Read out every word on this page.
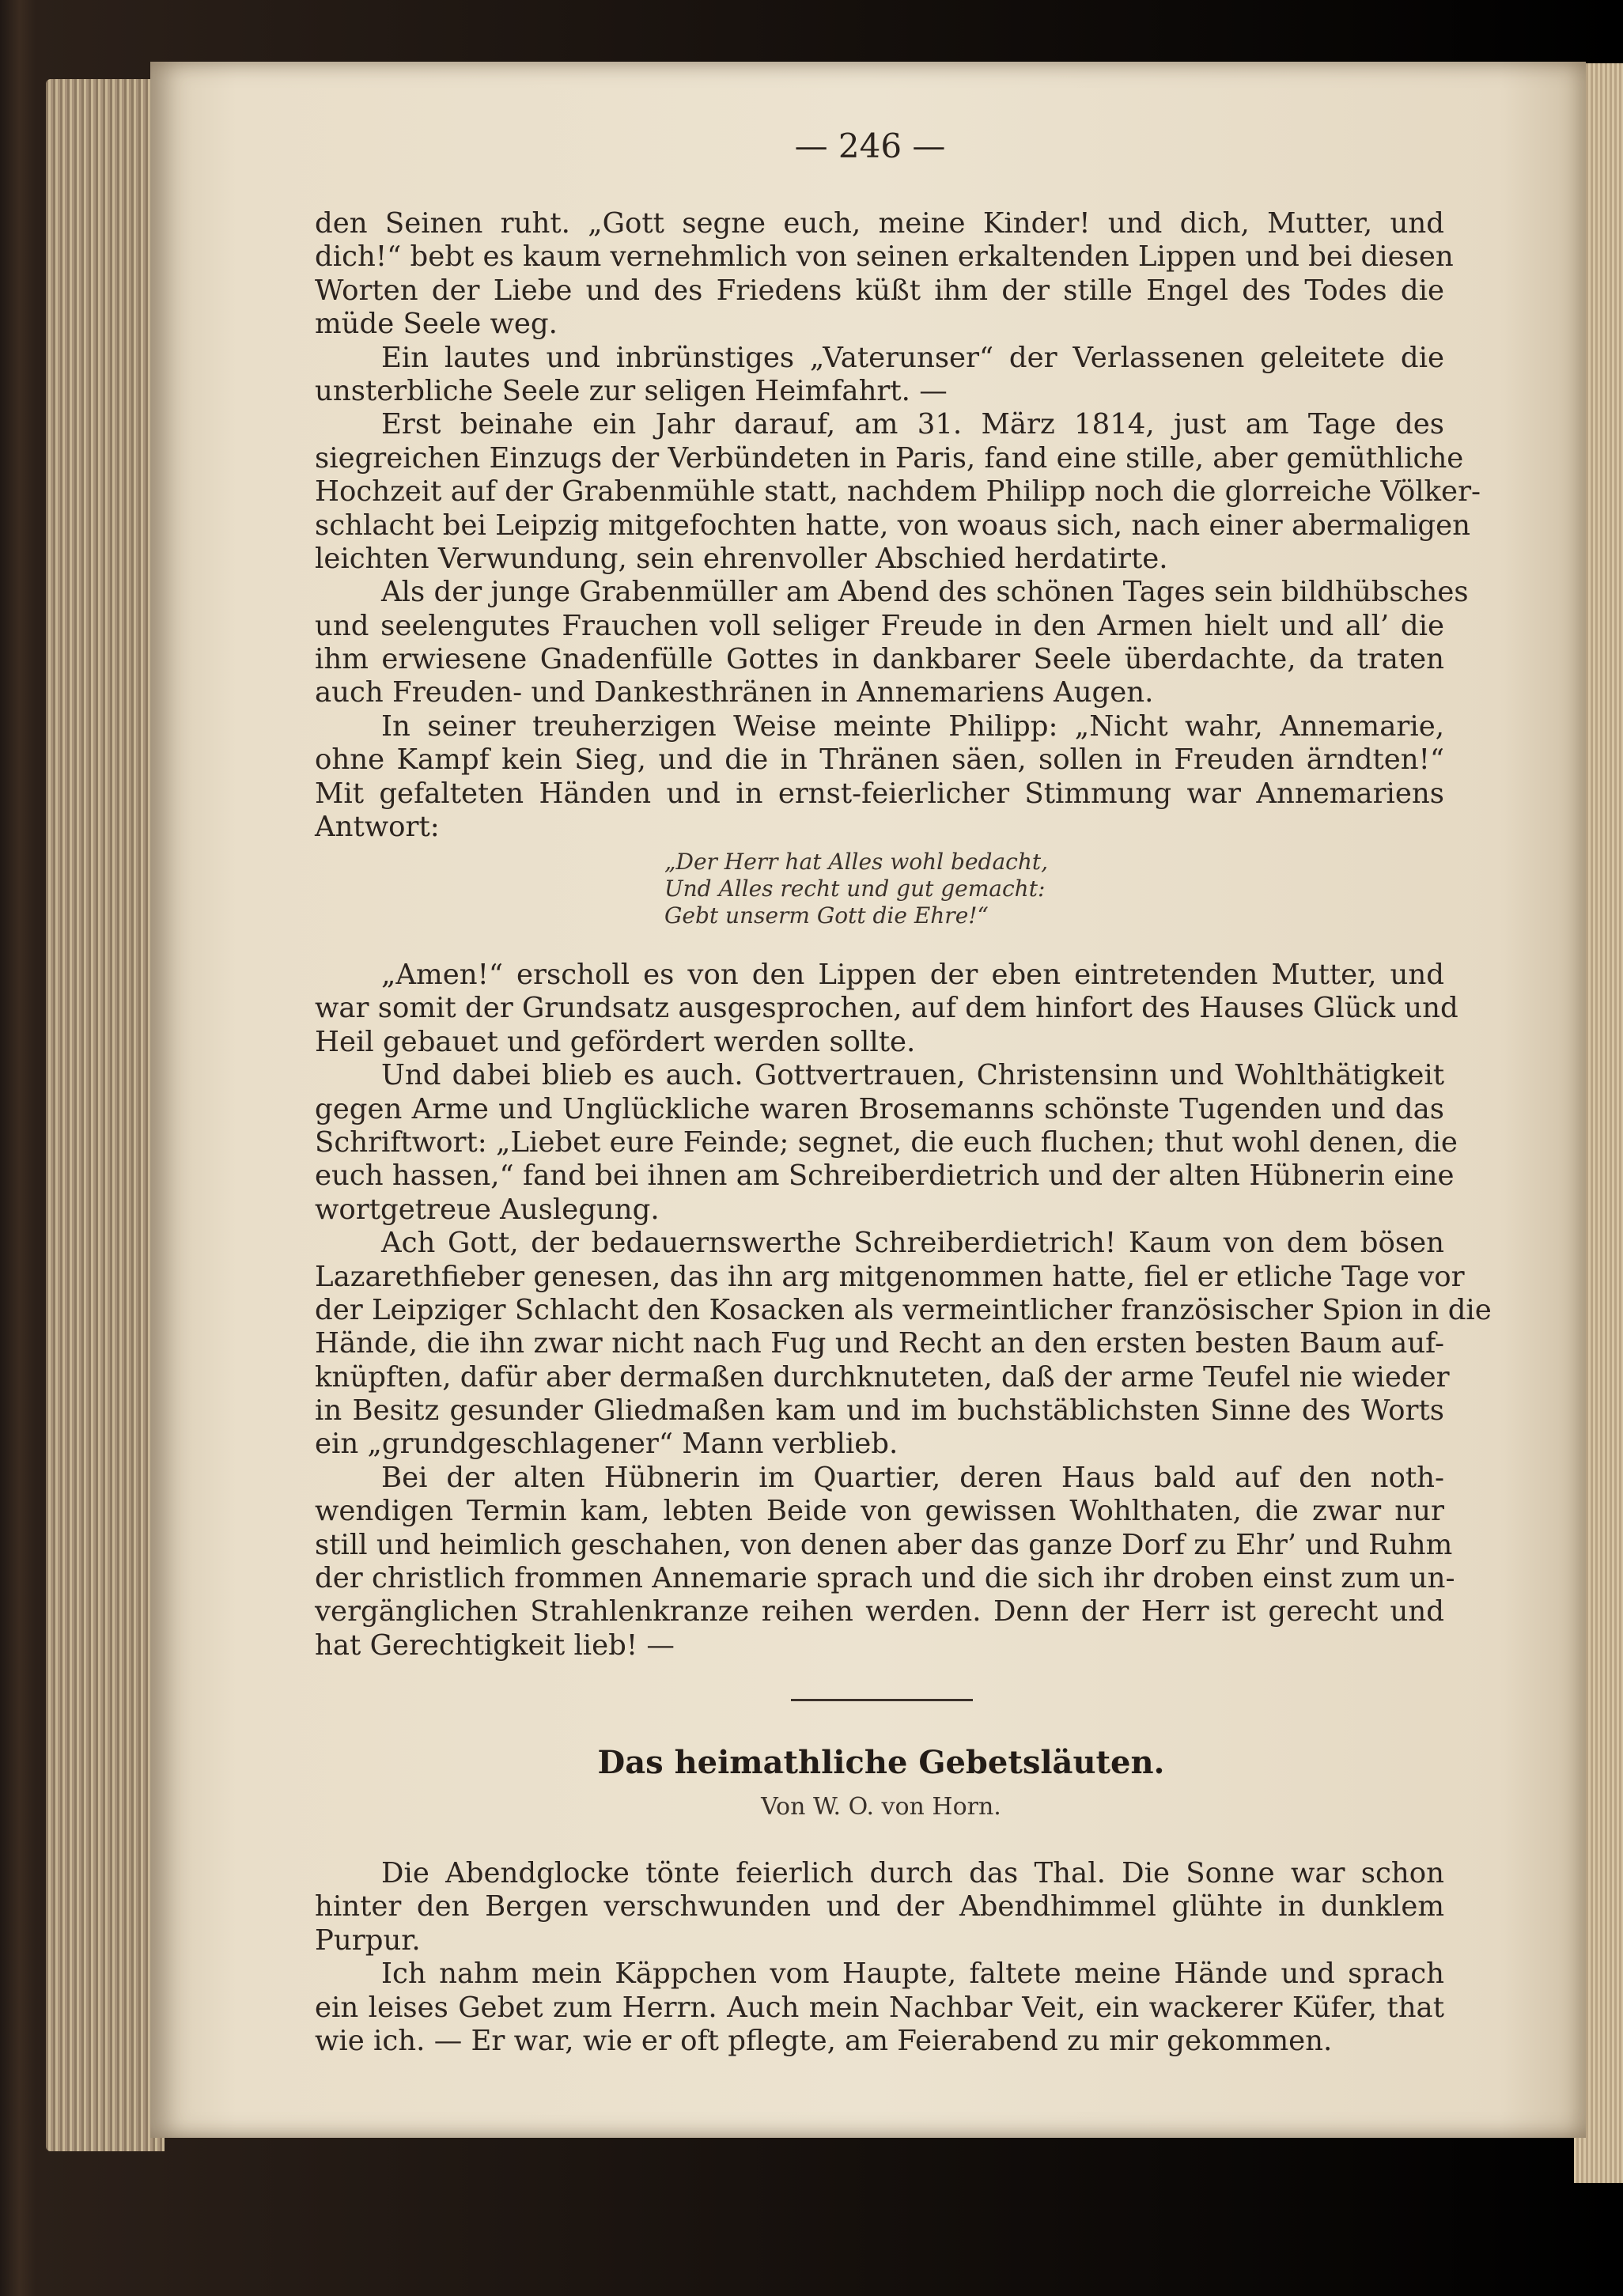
— 246 —
den Seinen ruht. „Gott segne euch, meine Kinder! und dich, Mutter, und
dich!“ bebt es kaum vernehmlich von seinen erkaltenden Lippen und bei diesen
Worten der Liebe und des Friedens küßt ihm der stille Engel des Todes die
müde Seele weg.
Ein lautes und inbrünstiges „Vaterunser“ der Verlassenen geleitete die
unsterbliche Seele zur seligen Heimfahrt. —
Erst beinahe ein Jahr darauf, am 31. März 1814, just am Tage des
siegreichen Einzugs der Verbündeten in Paris, fand eine stille, aber gemüthliche
Hochzeit auf der Grabenmühle statt, nachdem Philipp noch die glorreiche Völker-
schlacht bei Leipzig mitgefochten hatte, von woaus sich, nach einer abermaligen
leichten Verwundung, sein ehrenvoller Abschied herdatirte.
Als der junge Grabenmüller am Abend des schönen Tages sein bildhübsches
und seelengutes Frauchen voll seliger Freude in den Armen hielt und all’ die
ihm erwiesene Gnadenfülle Gottes in dankbarer Seele überdachte, da traten
auch Freuden- und Dankesthränen in Annemariens Augen.
In seiner treuherzigen Weise meinte Philipp: „Nicht wahr, Annemarie,
ohne Kampf kein Sieg, und die in Thränen säen, sollen in Freuden ärndten!“
Mit gefalteten Händen und in ernst-feierlicher Stimmung war Annemariens
Antwort:
„Der Herr hat Alles wohl bedacht,
Und Alles recht und gut gemacht:
Gebt unserm Gott die Ehre!“
„Amen!“ erscholl es von den Lippen der eben eintretenden Mutter, und
war somit der Grundsatz ausgesprochen, auf dem hinfort des Hauses Glück und
Heil gebauet und gefördert werden sollte.
Und dabei blieb es auch. Gottvertrauen, Christensinn und Wohlthätigkeit
gegen Arme und Unglückliche waren Brosemanns schönste Tugenden und das
Schriftwort: „Liebet eure Feinde; segnet, die euch fluchen; thut wohl denen, die
euch hassen,“ fand bei ihnen am Schreiberdietrich und der alten Hübnerin eine
wortgetreue Auslegung.
Ach Gott, der bedauernswerthe Schreiberdietrich! Kaum von dem bösen
Lazarethfieber genesen, das ihn arg mitgenommen hatte, fiel er etliche Tage vor
der Leipziger Schlacht den Kosacken als vermeintlicher französischer Spion in die
Hände, die ihn zwar nicht nach Fug und Recht an den ersten besten Baum auf-
knüpften, dafür aber dermaßen durchknuteten, daß der arme Teufel nie wieder
in Besitz gesunder Gliedmaßen kam und im buchstäblichsten Sinne des Worts
ein „grundgeschlagener“ Mann verblieb.
Bei der alten Hübnerin im Quartier, deren Haus bald auf den noth-
wendigen Termin kam, lebten Beide von gewissen Wohlthaten, die zwar nur
still und heimlich geschahen, von denen aber das ganze Dorf zu Ehr’ und Ruhm
der christlich frommen Annemarie sprach und die sich ihr droben einst zum un-
vergänglichen Strahlenkranze reihen werden. Denn der Herr ist gerecht und
hat Gerechtigkeit lieb! —
Das heimathliche Gebetsläuten.
Von W. O. von Horn.
Die Abendglocke tönte feierlich durch das Thal. Die Sonne war schon
hinter den Bergen verschwunden und der Abendhimmel glühte in dunklem
Purpur.
Ich nahm mein Käppchen vom Haupte, faltete meine Hände und sprach
ein leises Gebet zum Herrn. Auch mein Nachbar Veit, ein wackerer Küfer, that
wie ich. — Er war, wie er oft pflegte, am Feierabend zu mir gekommen.
